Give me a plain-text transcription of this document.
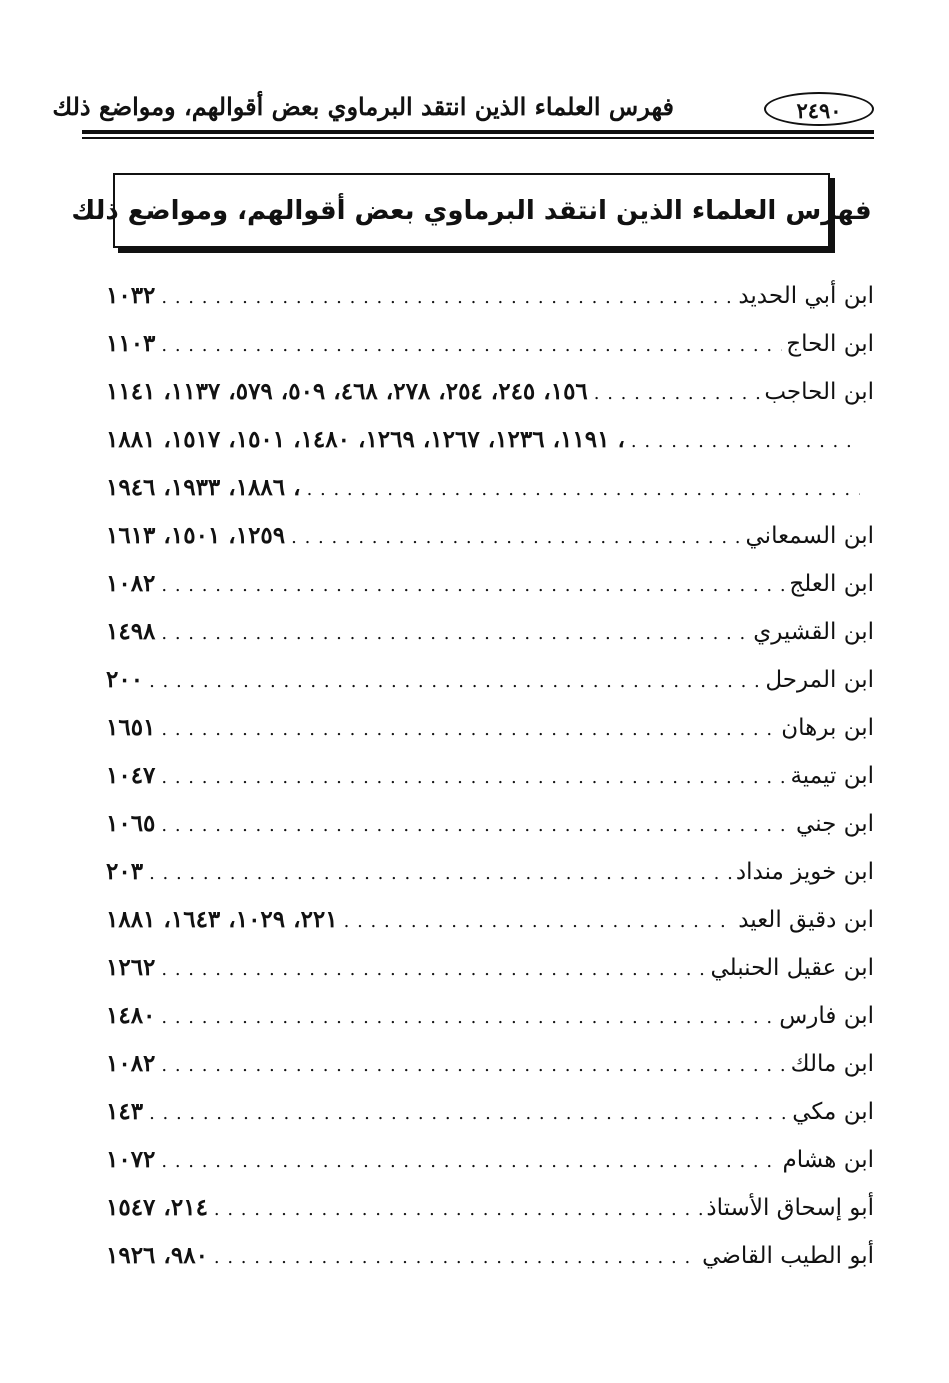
٢٤٩٠
فهرس العلماء الذين انتقد البرماوي بعض أقوالهم، ومواضع ذلك
فهرس العلماء الذين انتقد البرماوي بعض أقوالهم، ومواضع ذلك
ابن أبي الحديد
. . .
١٠٣٢
ابن الحاج
. . .
١١٠٣
ابن الحاجب
. . .
١٥٦، ٢٤٥، ٢٥٤، ٢٧٨، ٤٦٨، ٥٠٩، ٥٧٩، ١١٣٧، ١١٤١
. . .
، ١١٩١، ١٢٣٦، ١٢٦٧، ١٢٦٩، ١٤٨٠، ١٥٠١، ١٥١٧، ١٨٨١
. . .
، ١٨٨٦، ١٩٣٣، ١٩٤٦
ابن السمعاني
. . .
١٢٥٩، ١٥٠١، ١٦١٣
ابن العلج
. . .
١٠٨٢
ابن القشيري
. . .
١٤٩٨
ابن المرحل
. . .
٢٠٠
ابن برهان
. . .
١٦٥١
ابن تيمية
. . .
١٠٤٧
ابن جني
. . .
١٠٦٥
ابن خويز منداد
. . .
٢٠٣
ابن دقيق العيد
. . .
٢٢١، ١٠٢٩، ١٦٤٣، ١٨٨١
ابن عقيل الحنبلي
. . .
١٢٦٢
ابن فارس
. . .
١٤٨٠
ابن مالك
. . .
١٠٨٢
ابن مكي
. . .
١٤٣
ابن هشام
. . .
١٠٧٢
أبو إسحاق الأستاذ
. . .
٢١٤، ١٥٤٧
أبو الطيب القاضي
. . .
٩٨٠، ١٩٢٦
